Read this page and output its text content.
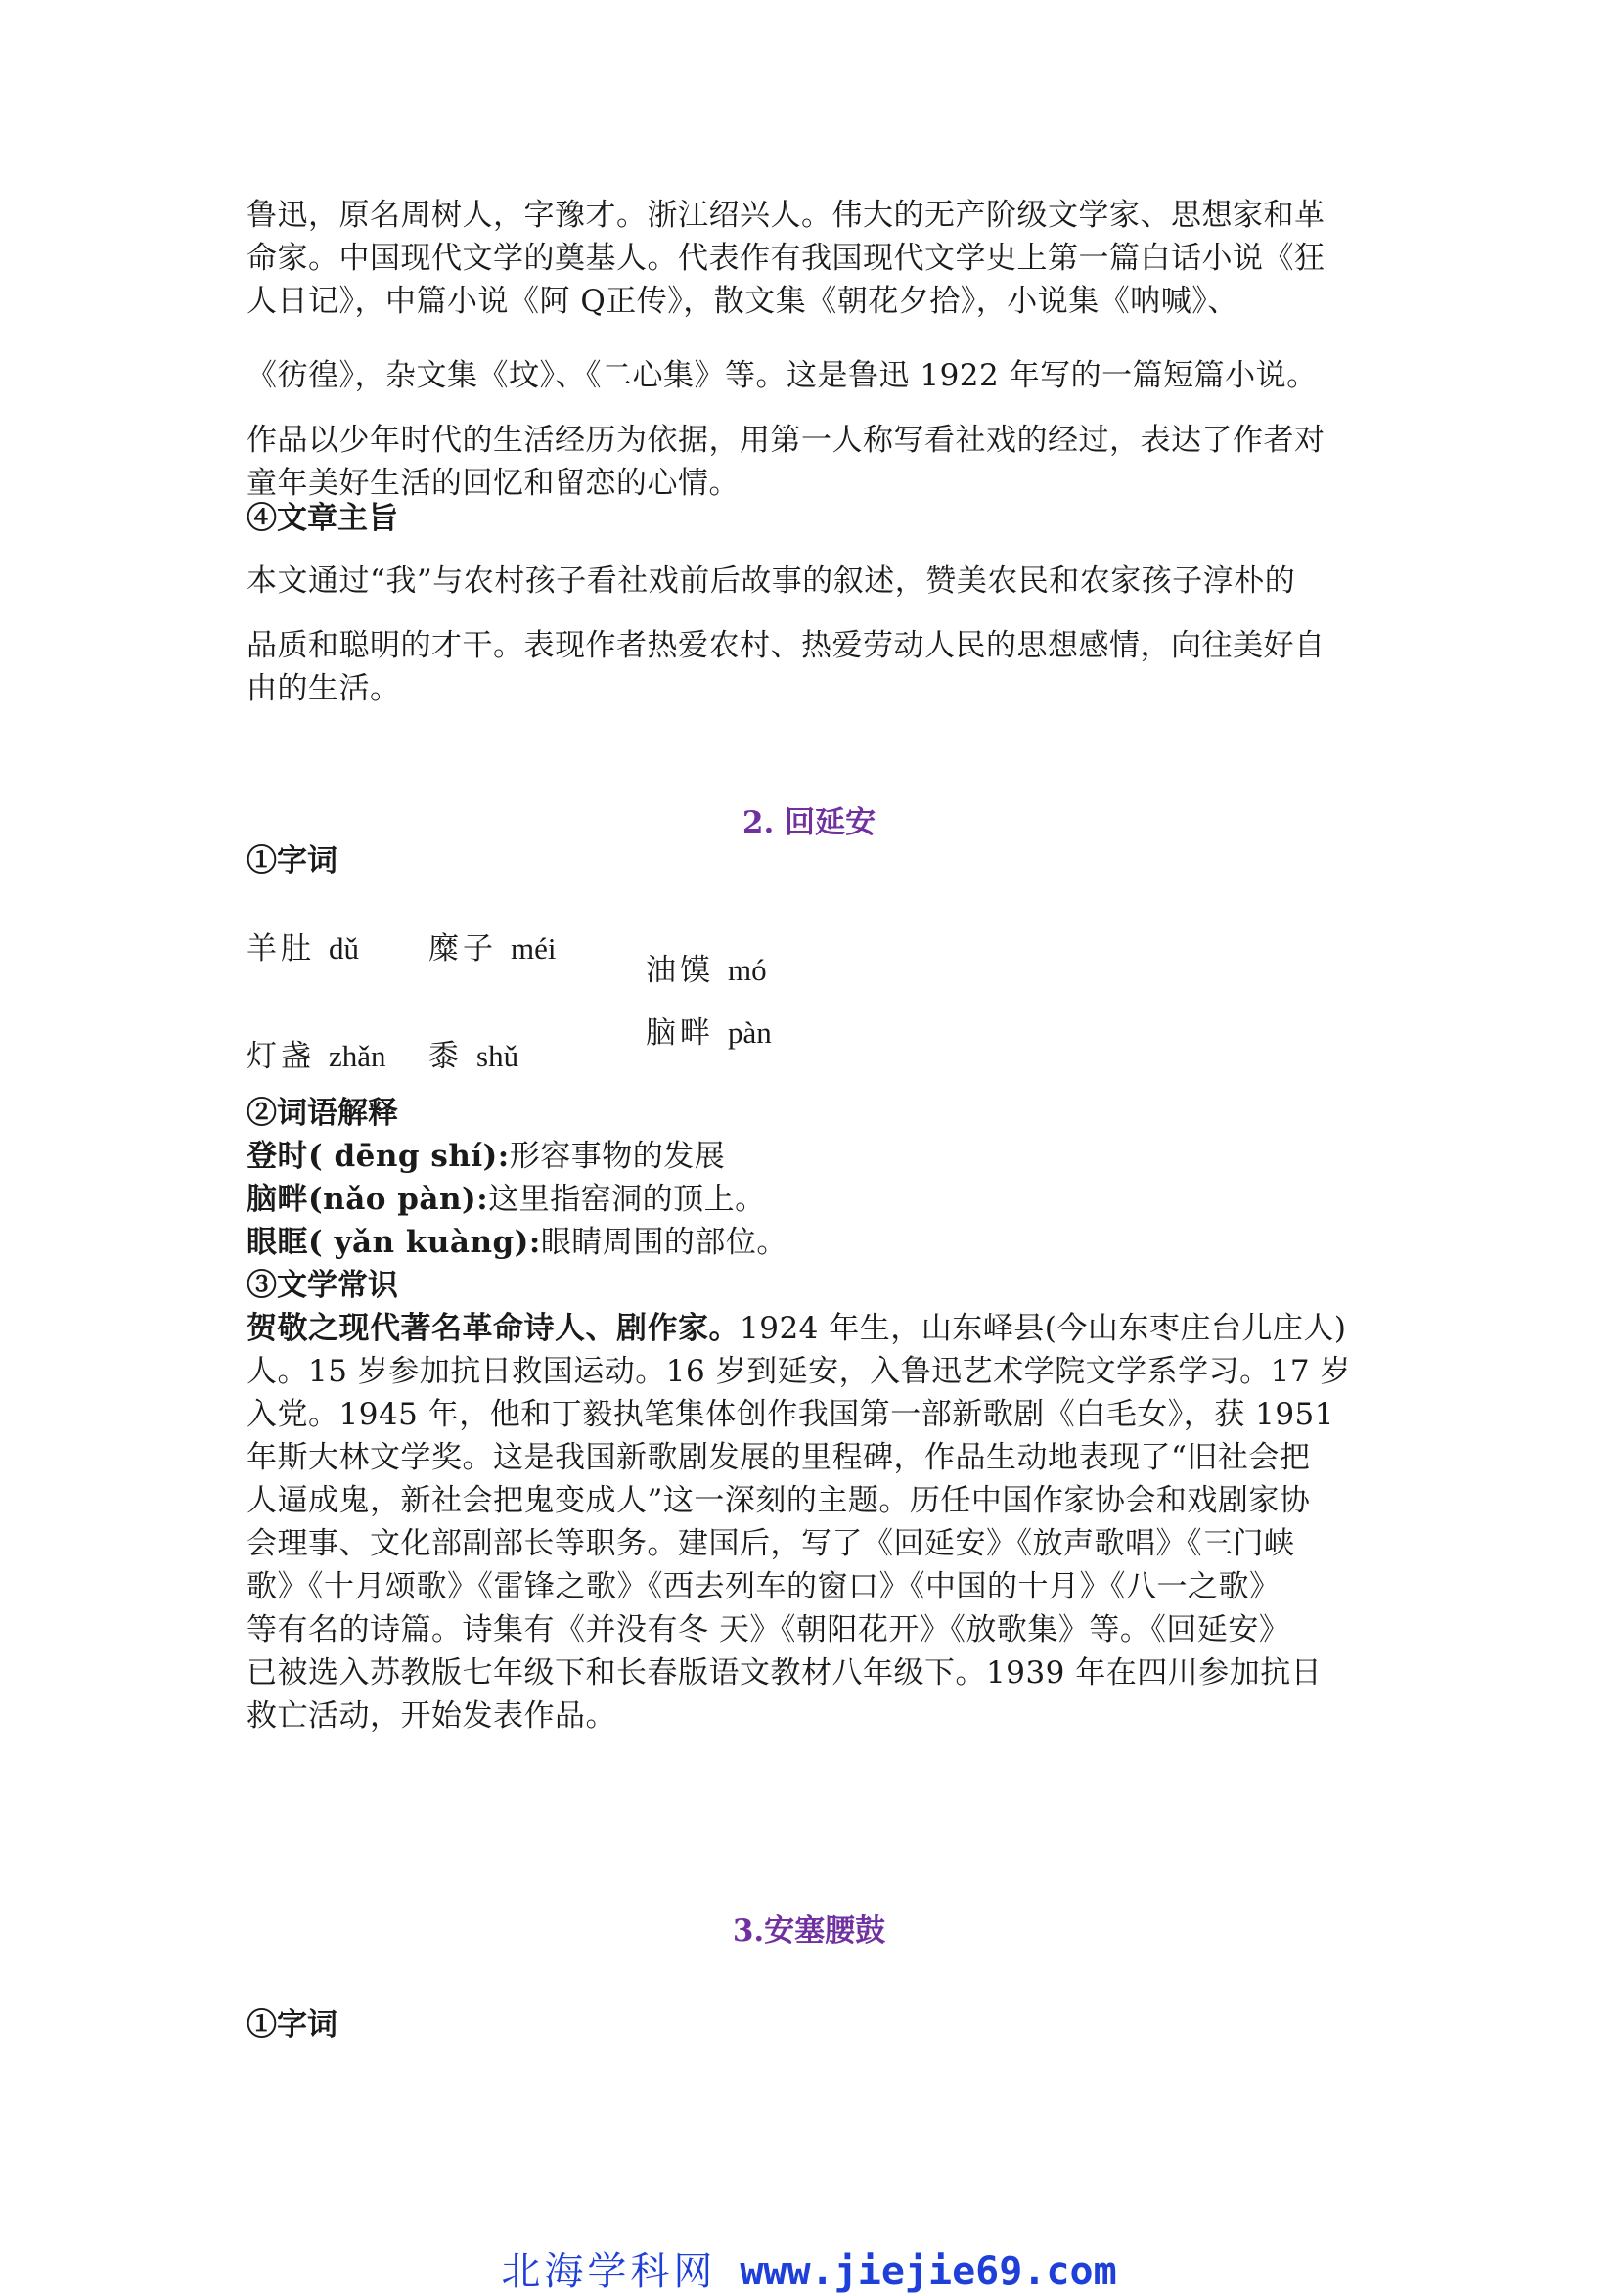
鲁迅，原名周树人，字豫才。浙江绍兴人。伟大的无产阶级文学家、思想家和革
命家。中国现代文学的奠基人。代表作有我国现代文学史上第一篇白话小说《狂
人日记》，中篇小说《阿 Q正传》，散文集《朝花夕拾》，小说集《呐喊》、
《彷徨》，杂文集《坟》、《二心集》等。这是鲁迅 1922 年写的一篇短篇小说。
作品以少年时代的生活经历为依据，用第一人称写看社戏的经过，表达了作者对
童年美好生活的回忆和留恋的心情。
④文章主旨
本文通过“我”与农村孩子看社戏前后故事的叙述，赞美农民和农家孩子淳朴的
品质和聪明的才干。表现作者热爱农村、热爱劳动人民的思想感情，向往美好自
由的生活。
2. 回延安
①字词
羊肚 dǔ 糜子 méi
油馍 mó
灯盏 zhǎn 黍 shǔ
脑畔 pàn
②词语解释
登时( dēng shí):形容事物的发展
脑畔(nǎo pàn):这里指窑洞的顶上。
眼眶( yǎn kuàng):眼睛周围的部位。
③文学常识
贺敬之现代著名革命诗人、剧作家。1924 年生，山东峄县(今山东枣庄台儿庄人)
人。15 岁参加抗日救国运动。16 岁到延安，入鲁迅艺术学院文学系学习。17 岁
入党。1945 年，他和丁毅执笔集体创作我国第一部新歌剧《白毛女》，获 1951
年斯大林文学奖。这是我国新歌剧发展的里程碑，作品生动地表现了“旧社会把
人逼成鬼，新社会把鬼变成人”这一深刻的主题。历任中国作家协会和戏剧家协
会理事、文化部副部长等职务。建国后，写了《回延安》《放声歌唱》《三门峡
歌》《十月颂歌》《雷锋之歌》《西去列车的窗口》《中国的十月》《八一之歌》
等有名的诗篇。诗集有《并没有冬 天》《朝阳花开》《放歌集》等。《回延安》
已被选入苏教版七年级下和长春版语文教材八年级下。1939 年在四川参加抗日
救亡活动，开始发表作品。
3.安塞腰鼓
①字词
北海学科网 www.jiejie69.com
